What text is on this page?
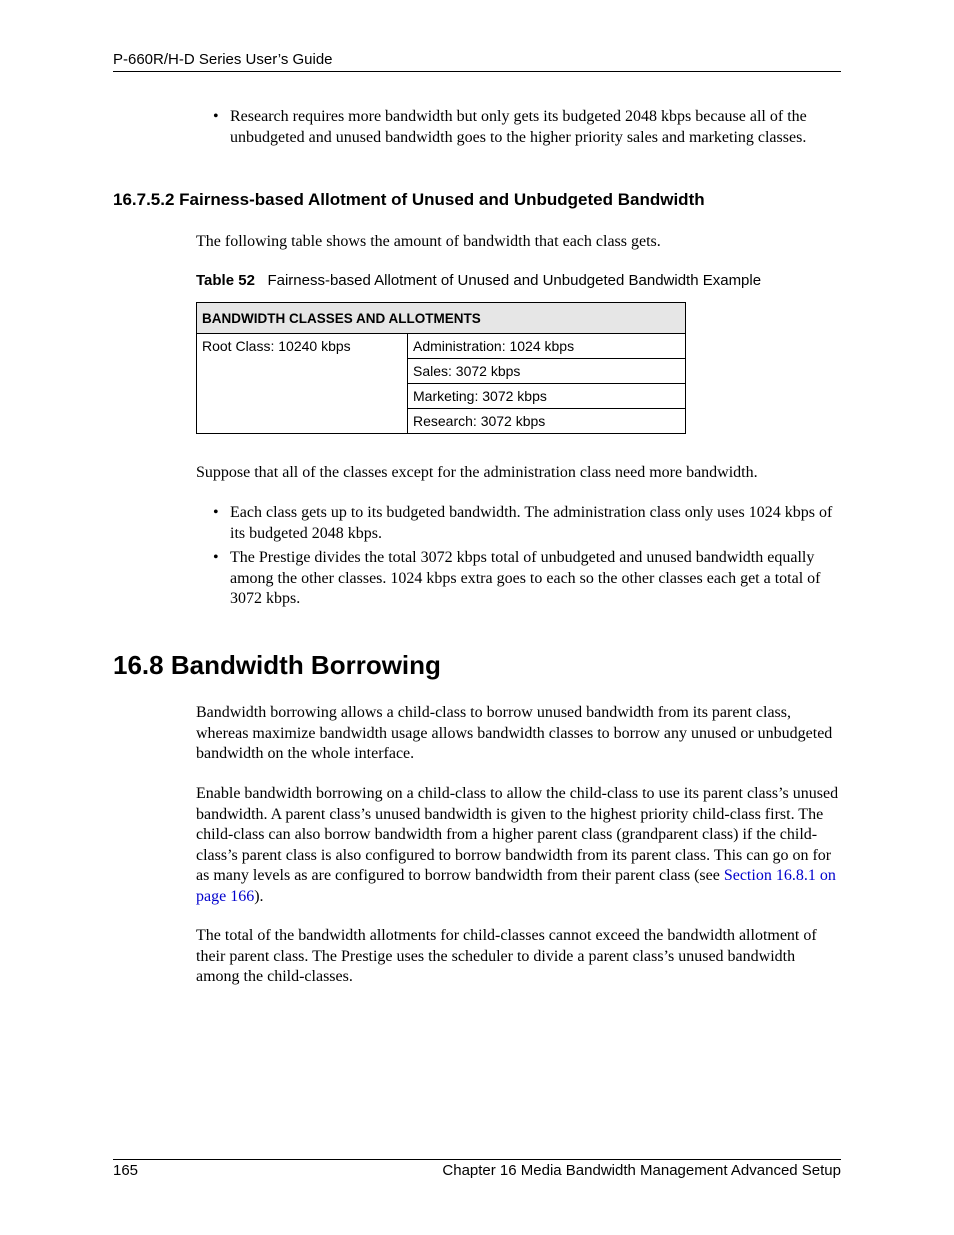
P-660R/H-D Series User’s Guide
• Research requires more bandwidth but only gets its budgeted 2048 kbps because all of the unbudgeted and unused bandwidth goes to the higher priority sales and marketing classes.
16.7.5.2 Fairness-based Allotment of Unused and Unbudgeted Bandwidth
The following table shows the amount of bandwidth that each class gets.
Table 52 Fairness-based Allotment of Unused and Unbudgeted Bandwidth Example
BANDWIDTH CLASSES AND ALLOTMENTS
Root Class: 10240 kbps	Administration: 1024 kbps
Sales: 3072 kbps
Marketing: 3072 kbps
Research: 3072 kbps
Suppose that all of the classes except for the administration class need more bandwidth.
• Each class gets up to its budgeted bandwidth. The administration class only uses 1024 kbps of its budgeted 2048 kbps.
• The Prestige divides the total 3072 kbps total of unbudgeted and unused bandwidth equally among the other classes. 1024 kbps extra goes to each so the other classes each get a total of 3072 kbps.
16.8 Bandwidth Borrowing
Bandwidth borrowing allows a child-class to borrow unused bandwidth from its parent class, whereas maximize bandwidth usage allows bandwidth classes to borrow any unused or unbudgeted bandwidth on the whole interface.
Enable bandwidth borrowing on a child-class to allow the child-class to use its parent class’s unused bandwidth. A parent class’s unused bandwidth is given to the highest priority child-class first. The child-class can also borrow bandwidth from a higher parent class (grandparent class) if the child-class’s parent class is also configured to borrow bandwidth from its parent class. This can go on for as many levels as are configured to borrow bandwidth from their parent class (see Section 16.8.1 on page 166).
The total of the bandwidth allotments for child-classes cannot exceed the bandwidth allotment of their parent class. The Prestige uses the scheduler to divide a parent class’s unused bandwidth among the child-classes.
165	Chapter 16 Media Bandwidth Management Advanced Setup
